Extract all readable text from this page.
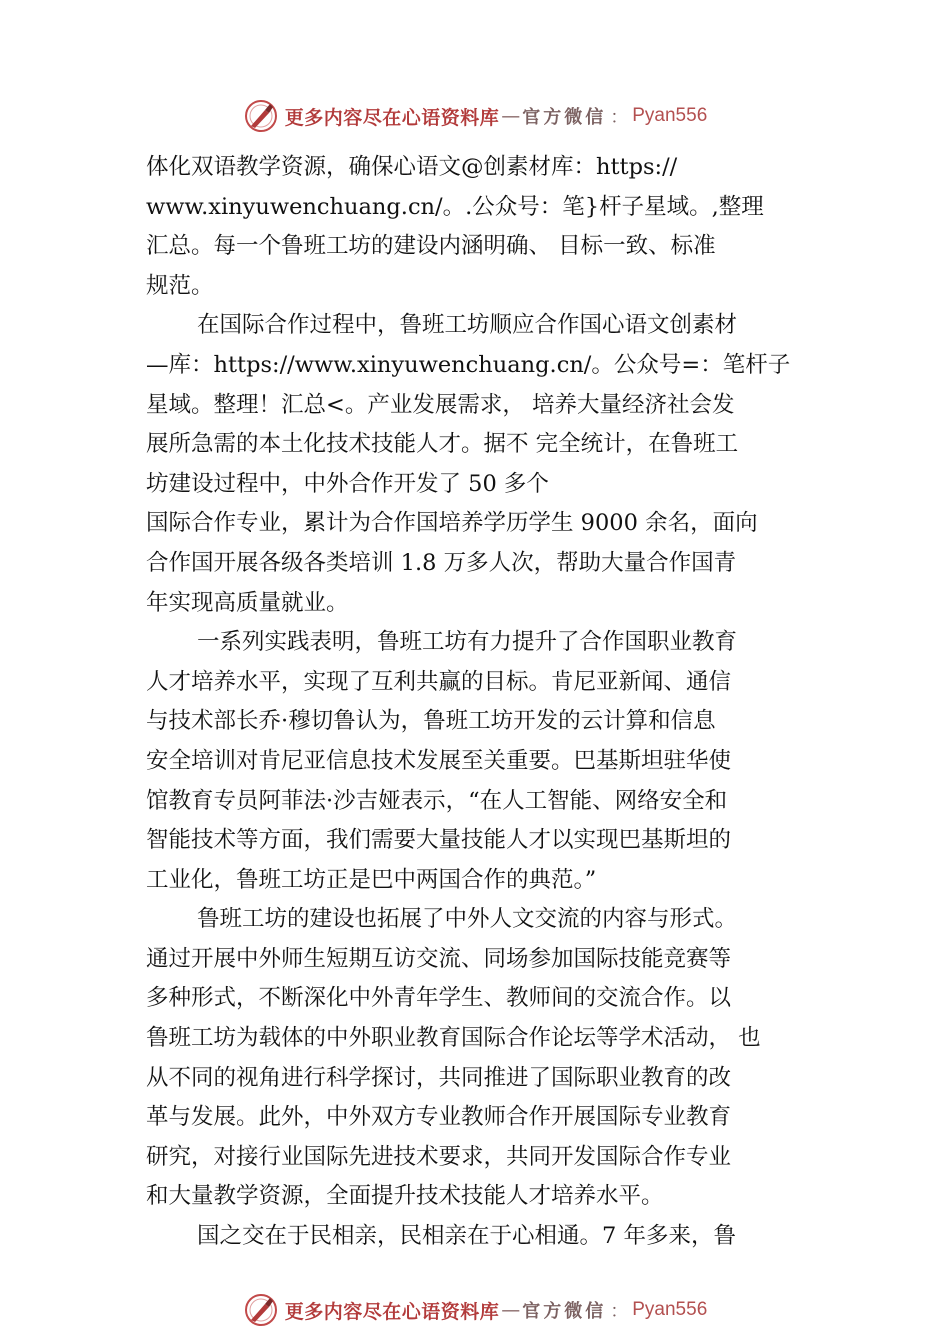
更多内容尽在心语资料库 — 官方微信 ： Pyan556
体化双语教学资源，确保心语文@创素材库：https://
www.xinyuwenchuang.cn/。.公众号：笔}杆子星域。,整理
汇总。每一个鲁班工坊的建设内涵明确、 目标一致、标准
规范。
在国际合作过程中，鲁班工坊顺应合作国心语文创素材
—库：https://www.xinyuwenchuang.cn/。公众号=：笔杆子
星域。整理！汇总<。产业发展需求， 培养大量经济社会发
展所急需的本土化技术技能人才。据不 完全统计，在鲁班工
坊建设过程中，中外合作开发了 50 多个
国际合作专业，累计为合作国培养学历学生 9000 余名，面向
合作国开展各级各类培训 1.8 万多人次，帮助大量合作国青
年实现高质量就业。
一系列实践表明，鲁班工坊有力提升了合作国职业教育
人才培养水平，实现了互利共赢的目标。肯尼亚新闻、通信
与技术部长乔·穆切鲁认为，鲁班工坊开发的云计算和信息
安全培训对肯尼亚信息技术发展至关重要。巴基斯坦驻华使
馆教育专员阿菲法·沙吉娅表示，“在人工智能、网络安全和
智能技术等方面，我们需要大量技能人才以实现巴基斯坦的
工业化，鲁班工坊正是巴中两国合作的典范。”
鲁班工坊的建设也拓展了中外人文交流的内容与形式。
通过开展中外师生短期互访交流、同场参加国际技能竞赛等
多种形式，不断深化中外青年学生、教师间的交流合作。以
鲁班工坊为载体的中外职业教育国际合作论坛等学术活动， 也
从不同的视角进行科学探讨，共同推进了国际职业教育的改
革与发展。此外，中外双方专业教师合作开展国际专业教育
研究，对接行业国际先进技术要求，共同开发国际合作专业
和大量教学资源，全面提升技术技能人才培养水平。
国之交在于民相亲，民相亲在于心相通。7 年多来，鲁
更多内容尽在心语资料库 — 官方微信 ： Pyan556
